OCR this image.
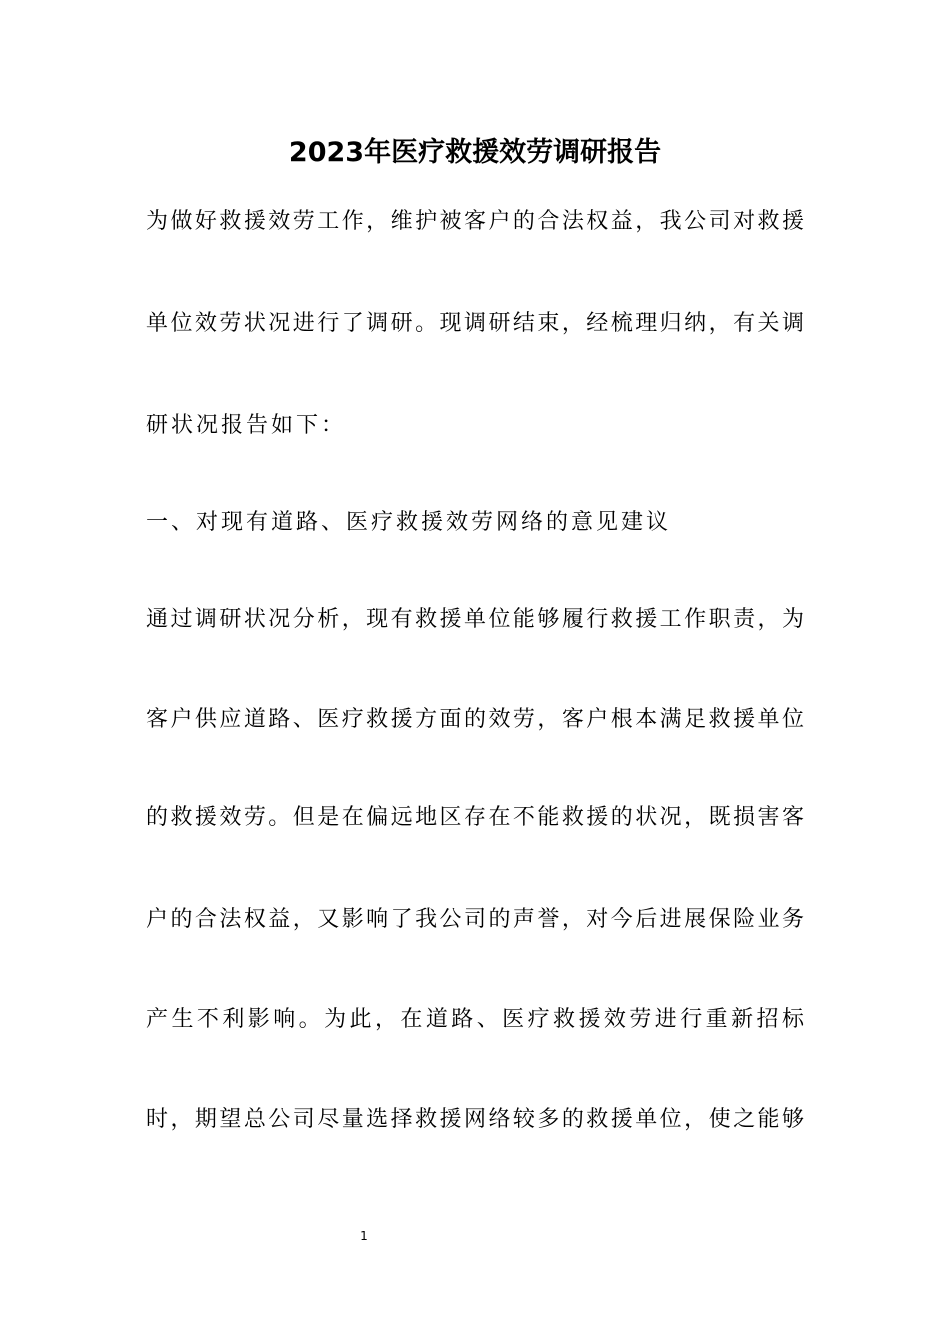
2023年医疗救援效劳调研报告
为做好救援效劳工作，维护被客户的合法权益，我公司对救援
单位效劳状况进行了调研。现调研结束，经梳理归纳，有关调
研状况报告如下：
一、对现有道路、医疗救援效劳网络的意见建议
通过调研状况分析，现有救援单位能够履行救援工作职责，为
客户供应道路、医疗救援方面的效劳，客户根本满足救援单位
的救援效劳。但是在偏远地区存在不能救援的状况，既损害客
户的合法权益，又影响了我公司的声誉，对今后进展保险业务
产生不利影响。为此，在道路、医疗救援效劳进行重新招标
时，期望总公司尽量选择救援网络较多的救援单位，使之能够
1
